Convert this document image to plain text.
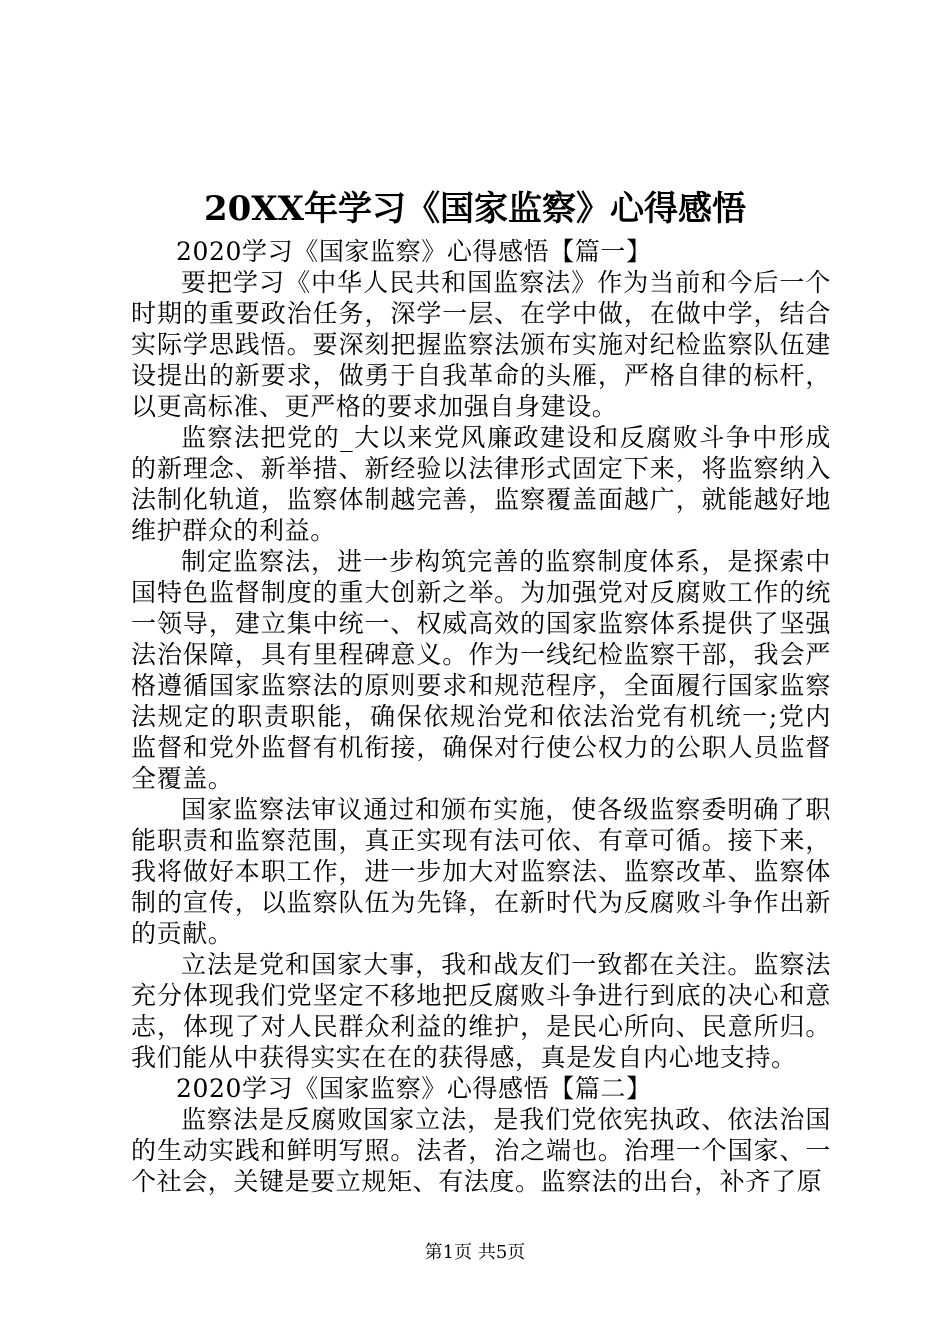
20XX年学习《国家监察》心得感悟

2020学习《国家监察》心得感悟【篇一】

要把学习《中华人民共和国监察法》作为当前和今后一个时期的重要政治任务，深学一层、在学中做，在做中学，结合实际学思践悟。要深刻把握监察法颁布实施对纪检监察队伍建设提出的新要求，做勇于自我革命的头雁，严格自律的标杆，以更高标准、更严格的要求加强自身建设。

监察法把党的_大以来党风廉政建设和反腐败斗争中形成的新理念、新举措、新经验以法律形式固定下来，将监察纳入法制化轨道，监察体制越完善，监察覆盖面越广，就能越好地维护群众的利益。

制定监察法，进一步构筑完善的监察制度体系，是探索中国特色监督制度的重大创新之举。为加强党对反腐败工作的统一领导，建立集中统一、权威高效的国家监察体系提供了坚强法治保障，具有里程碑意义。作为一线纪检监察干部，我会严格遵循国家监察法的原则要求和规范程序，全面履行国家监察法规定的职责职能，确保依规治党和依法治党有机统一;党内监督和党外监督有机衔接，确保对行使公权力的公职人员监督全覆盖。

国家监察法审议通过和颁布实施，使各级监察委明确了职能职责和监察范围，真正实现有法可依、有章可循。接下来，我将做好本职工作，进一步加大对监察法、监察改革、监察体制的宣传，以监察队伍为先锋，在新时代为反腐败斗争作出新的贡献。

立法是党和国家大事，我和战友们一致都在关注。监察法充分体现我们党坚定不移地把反腐败斗争进行到底的决心和意志，体现了对人民群众利益的维护，是民心所向、民意所归。我们能从中获得实实在在的获得感，真是发自内心地支持。

2020学习《国家监察》心得感悟【篇二】

监察法是反腐败国家立法，是我们党依宪执政、依法治国的生动实践和鲜明写照。法者，治之端也。治理一个国家、一个社会，关键是要立规矩、有法度。监察法的出台，补齐了原

第1页 共5页
